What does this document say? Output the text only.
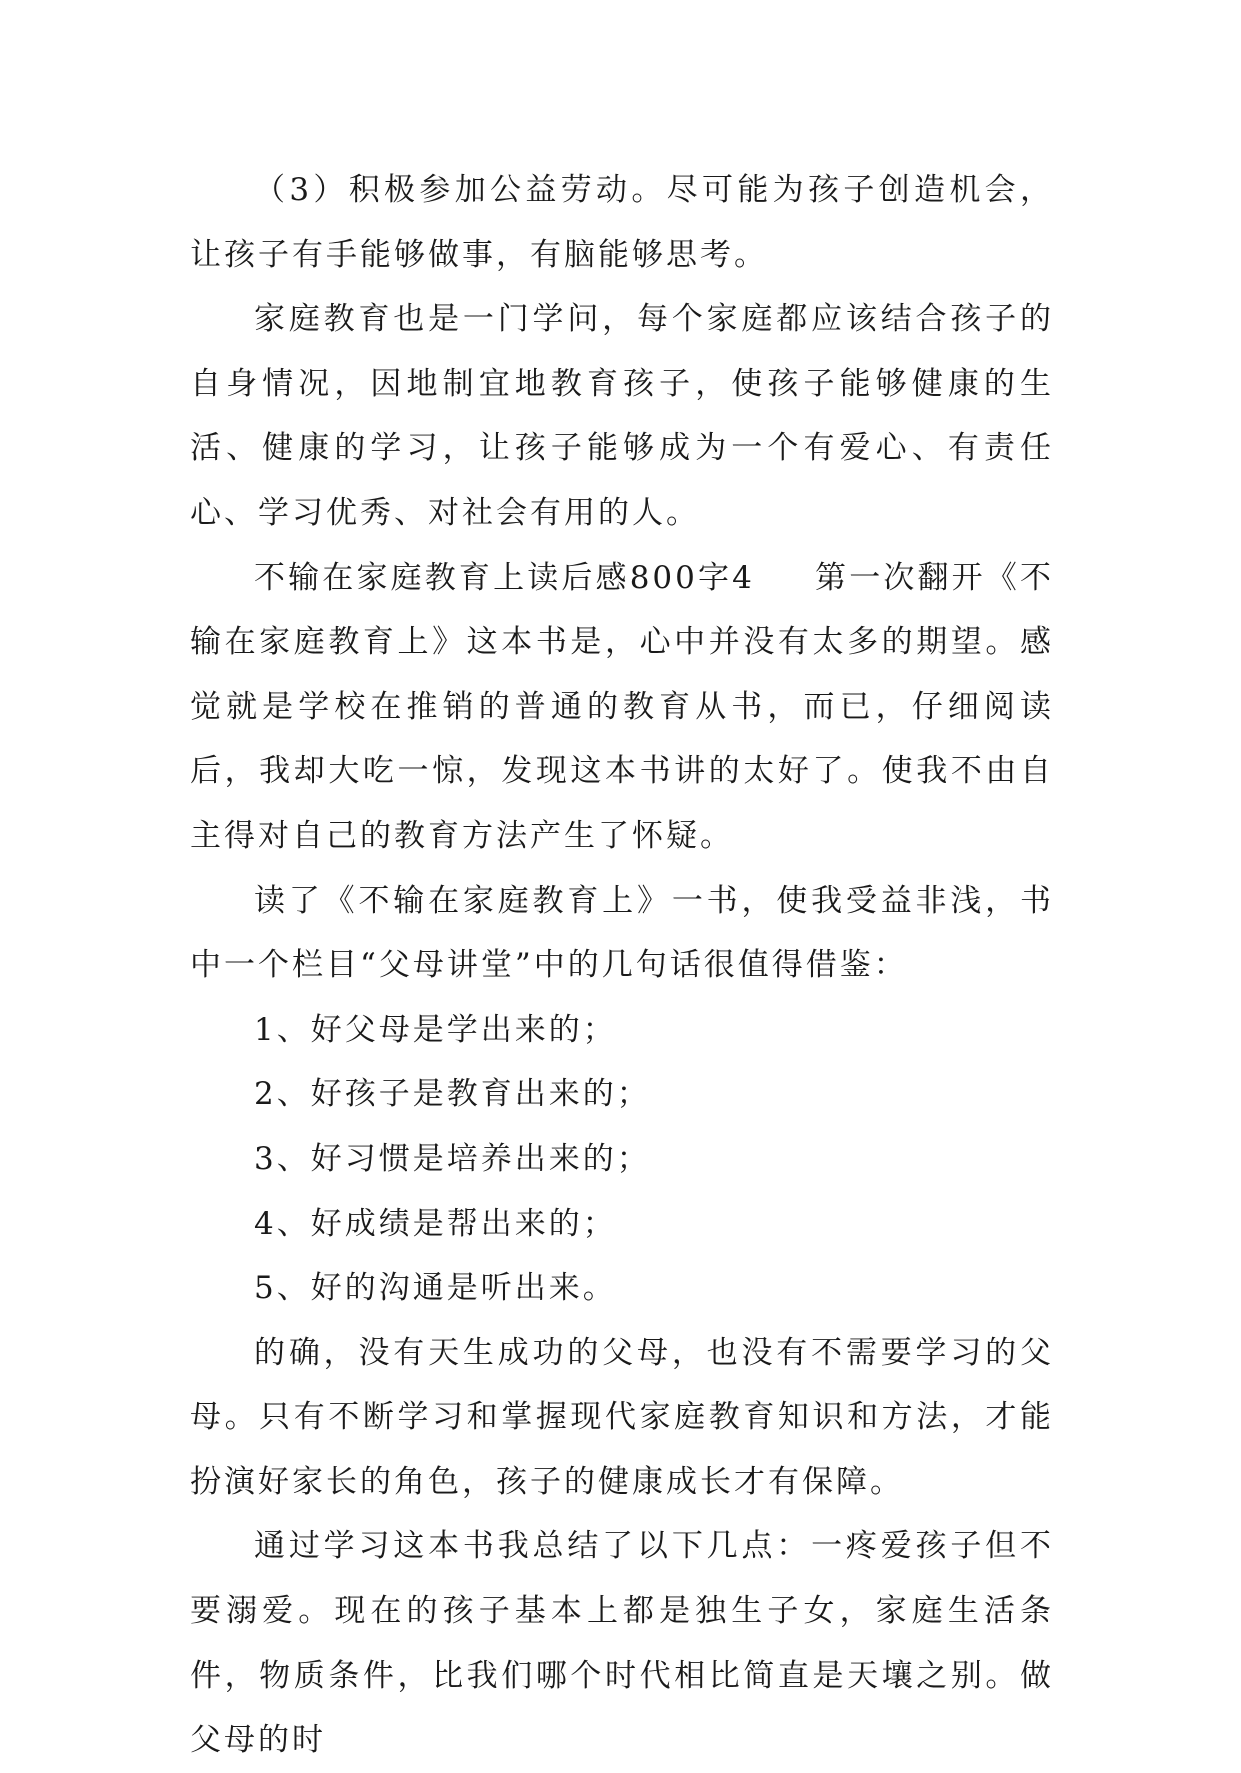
（3）积极参加公益劳动。尽可能为孩子创造机会，让孩子有手能够做事，有脑能够思考。

家庭教育也是一门学问，每个家庭都应该结合孩子的自身情况，因地制宜地教育孩子，使孩子能够健康的生活、健康的学习，让孩子能够成为一个有爱心、有责任心、学习优秀、对社会有用的人。

不输在家庭教育上读后感800字4 第一次翻开《不输在家庭教育上》这本书是，心中并没有太多的期望。感觉就是学校在推销的普通的教育从书，而已，仔细阅读后，我却大吃一惊，发现这本书讲的太好了。使我不由自主得对自己的教育方法产生了怀疑。

读了《不输在家庭教育上》一书，使我受益非浅，书中一个栏目“父母讲堂”中的几句话很值得借鉴：

1、好父母是学出来的；

2、好孩子是教育出来的；

3、好习惯是培养出来的；

4、好成绩是帮出来的；

5、好的沟通是听出来。

的确，没有天生成功的父母，也没有不需要学习的父母。只有不断学习和掌握现代家庭教育知识和方法，才能扮演好家长的角色，孩子的健康成长才有保障。

通过学习这本书我总结了以下几点：一疼爱孩子但不要溺爱。现在的孩子基本上都是独生子女，家庭生活条件，物质条件，比我们哪个时代相比简直是天壤之别。做父母的时
